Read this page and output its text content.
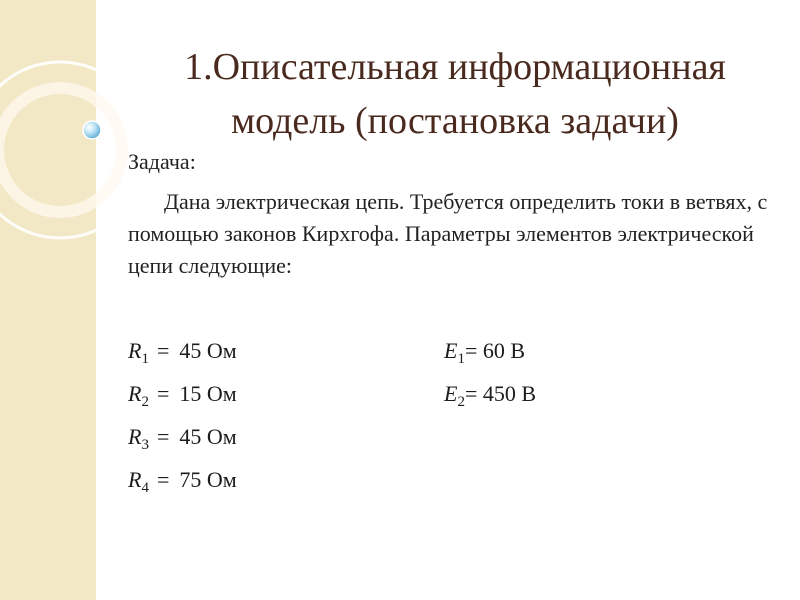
1.Описательная информационная
модель (постановка задачи)
Задача:
Дана электрическая цепь. Требуется определить токи в ветвях, с помощью законов Кирхгофа. Параметры элементов электрической цепи следующие:
$R_1 = 45$ Ом	$E_1= 60$ В
$R_2 = 15$ Ом	$E_2= 450$ В
$R_3 = 45$ Ом
$R_4 = 75$ Ом
